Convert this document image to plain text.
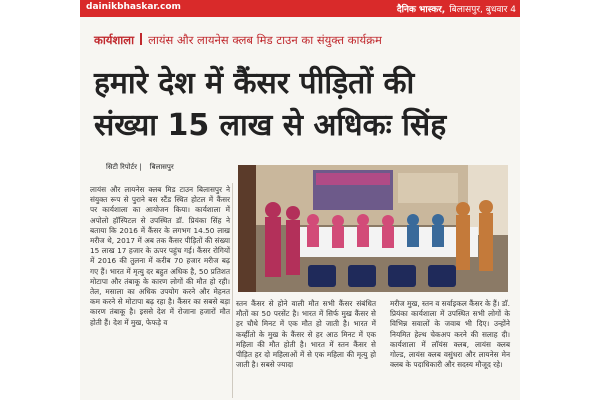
dainikbhaskar.com	दैनिक भास्कर, बिलासपुर, बुधवार 4
कार्यशाला लायंस और लायनेस क्लब मिड टाउन का संयुक्त कार्यक्रम
हमारे देश में कैंसर पीड़ितों की
संख्या 15 लाख से अधिकः सिंह
सिटी रिपोर्टर | बिलासपुर
लायंस और लायनेस क्लब मिड टाउन बिलासपुर ने संयुक्त रूप से पुराने बस स्टैंड स्थित होटल में कैंसर पर कार्यशाला का आयोजन किया। कार्यशाला में अपोलो हॉस्पिटल से उपस्थित डॉ. प्रियंका सिंह ने बताया कि 2016 में कैंसर के लगभग 14.50 लाख मरीज थे, 2017 में अब तक कैंसर पीड़ितों की संख्या 15 लाख 17 हजार के ऊपर पहुंच गई। कैंसर रोगियों में 2016 की तुलना में करीब 70 हजार मरीज बढ़ गए हैं। भारत में मृत्यु दर बहुत अधिक है, 50 प्रतिशत मोटापा और तंबाकू के कारण लोगों की मौत हो रही। तेल, मसाला का अधिक उपयोग करने और मेहनत कम करने से मोटापा बढ़ रहा है। कैंसर का सबसे बड़ा कारण तंबाकू है। इससे देश में रोजाना हजारों मौत होती हैं। देश में मुख, फेफड़े व
स्तन कैंसर से होने वाली मौत सभी कैंसर संबंधित मौतों का 50 परसेंट है। भारत में सिर्फ मुख कैंसर से हर चौथे मिनट में एक मौत हो जाती है। भारत में कर्व्हीतो के मुख के कैंसर से हर आठ मिनट में एक महिला की मौत होती है। भारत में स्तन कैंसर से पीड़ित हर दो महिलाओं में से एक महिला की मृत्यु हो जाती है। सबसे ज्यादा
मरीज मुख, स्तन व सर्वाइकल कैंसर के हैं। डॉ. प्रियंका कार्यशाला में उपस्थित सभी लोगों के विभिन्न सवालों के जवाब भी दिए। उन्होंने नियमित हेल्थ चेकअप करने की सलाह दी। कार्यशाला में लॉयंस क्लब, लायंस क्लब गोल्ड, लायंस क्लब वसुंधरा और लायनेस मेन क्लब के पदाधिकारी और सदस्य मौजूद रहे।
